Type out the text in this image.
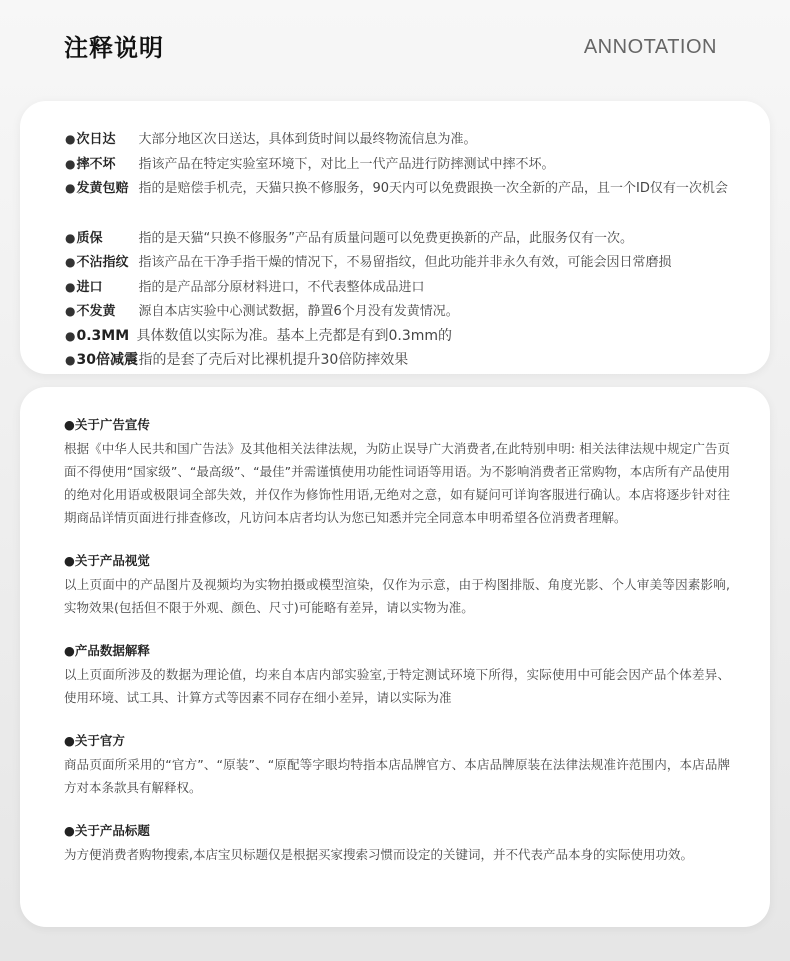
注释说明	ANNOTATION
● 次日达	大部分地区次日送达，具体到货时间以最终物流信息为准。
● 摔不坏	指该产品在特定实验室环境下，对比上一代产品进行防摔测试中摔不坏。
● 发黄包赔 指的是赔偿手机壳，天猫只换不修服务，90天内可以免费跟换一次全新的产品，且一个ID仅有一次机会
● 质保	指的是天猫“只换不修服务”产品有质量问题可以免费更换新的产品，此服务仅有一次。
● 不沾指纹 指该产品在干净手指干燥的情况下，不易留指纹，但此功能并非永久有效，可能会因日常磨损
● 进口	指的是产品部分原材料进口，不代表整体成品进口
● 不发黄	源自本店实验中心测试数据，静置6个月没有发黄情况。
● 0.3MM 具体数值以实际为准。基本上壳都是有到0.3mm的
● 30倍减震 指的是套了壳后对比裸机提升30倍防摔效果
●关于广告宣传
根据《中华人民共和国广告法》及其他相关法律法规，为防止误导广大消费者,在此特别申明: 相关法律法规中规定广告页面不得使用“国家级”、“最高级”、“最佳”并需谨慎使用功能性词语等用语。为不影响消费者正常购物，本店所有产品使用的绝对化用语或极限词全部失效，并仅作为修饰性用语,无绝对之意，如有疑问可详询客服进行确认。本店将逐步针对往期商品详情页面进行排查修改，凡访问本店者均认为您已知悉并完全同意本申明希望各位消费者理解。
●关于产品视觉
以上页面中的产品图片及视频均为实物拍摄或模型渲染，仅作为示意，由于构图排版、角度光影、个人审美等因素影响,实物效果(包括但不限于外观、颜色、尺寸)可能略有差异，请以实物为准。
●产品数据解释
以上页面所涉及的数据为理论值，均来自本店内部实验室,于特定测试环境下所得，实际使用中可能会因产品个体差异、使用环境、试工具、计算方式等因素不同存在细小差异，请以实际为准
●关于官方
商品页面所采用的“官方”、“原装”、“原配等字眼均特指本店品牌官方、本店品牌原装在法律法规准许范围内，本店品牌方对本条款具有解释权。
●关于产品标题
为方便消费者购物搜索,本店宝贝标题仅是根据买家搜索习惯而设定的关键词，并不代表产品本身的实际使用功效。
